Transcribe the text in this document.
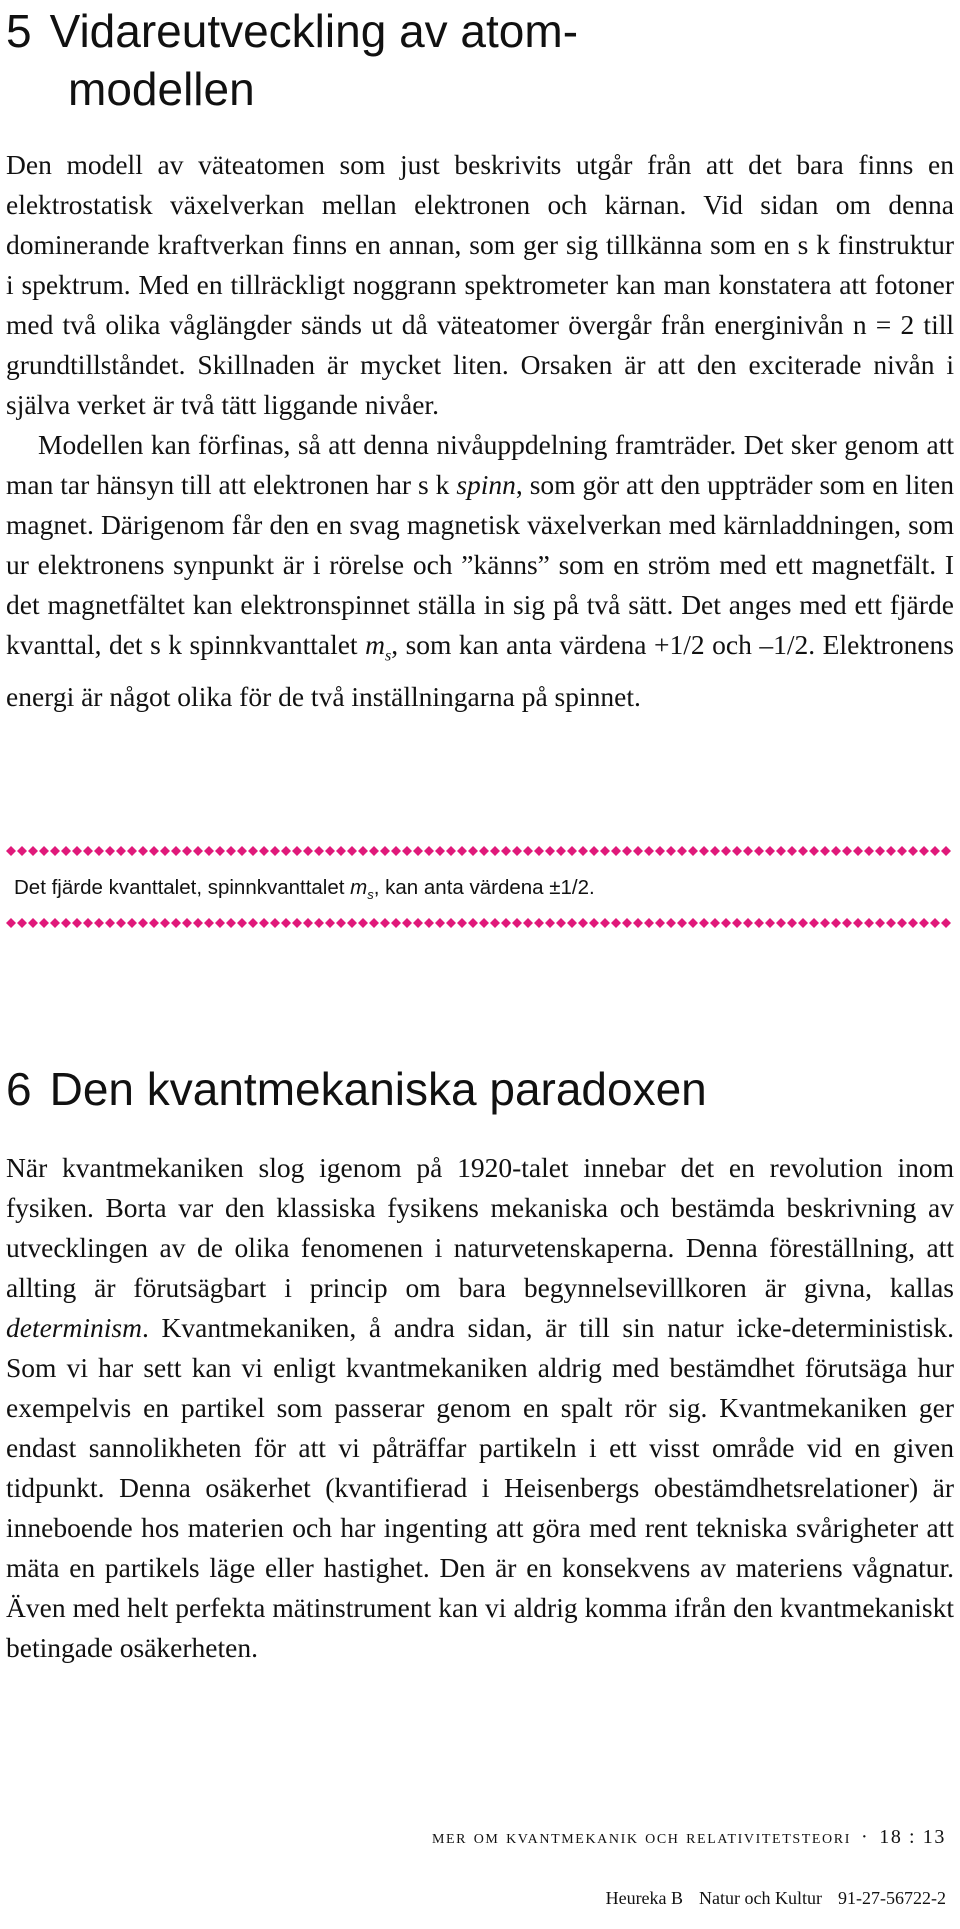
5 Vidareutveckling av atom-
modellen

Den modell av väteatomen som just beskrivits utgår från att det bara finns en elektrostatisk växelverkan mellan elektronen och kärnan. Vid sidan om denna dominerande kraftverkan finns en annan, som ger sig tillkänna som en s k finstruktur i spektrum. Med en tillräckligt noggrann spektrometer kan man konstatera att fotoner med två olika våglängder sänds ut då väteatomer övergår från energinivån n = 2 till grundtillståndet. Skillnaden är mycket liten. Orsaken är att den exciterade nivån i själva verket är två tätt liggande nivåer.

Modellen kan förfinas, så att denna nivåuppdelning framträder. Det sker genom att man tar hänsyn till att elektronen har s k spinn, som gör att den uppträder som en liten magnet. Därigenom får den en svag magnetisk växelverkan med kärnladdningen, som ur elektronens synpunkt är i rörelse och ”känns” som en ström med ett magnetfält. I det magnetfältet kan elektronspinnet ställa in sig på två sätt. Det anges med ett fjärde kvanttal, det s k spinnkvanttalet $m_s$, som kan anta värdena +1/2 och –1/2. Elektronens energi är något olika för de två inställningarna på spinnet.

Det fjärde kvanttalet, spinnkvanttalet $m_s$, kan anta värdena ±1/2.
6 Den kvantmekaniska paradoxen

När kvantmekaniken slog igenom på 1920-talet innebar det en revolution inom fysiken. Borta var den klassiska fysikens mekaniska och bestämda beskrivning av utvecklingen av de olika fenomenen i naturvetenskaperna. Denna föreställning, att allting är förutsägbart i princip om bara begynnelsevillkoren är givna, kallas determinism. Kvantmekaniken, å andra sidan, är till sin natur icke-deterministisk. Som vi har sett kan vi enligt kvantmekaniken aldrig med bestämdhet förutsäga hur exempelvis en partikel som passerar genom en spalt rör sig. Kvantmekaniken ger endast sannolikheten för att vi påträffar partikeln i ett visst område vid en given tidpunkt. Denna osäkerhet (kvantifierad i Heisenbergs obestämdhetsrelationer) är inneboende hos materien och har ingenting att göra med rent tekniska svårigheter att mäta en partikels läge eller hastighet. Den är en konsekvens av materiens vågnatur. Även med helt perfekta mätinstrument kan vi aldrig komma ifrån den kvantmekaniskt betingade osäkerheten.

mer om kvantmekanik och relativitetsteori · 18 : 13
Heureka B Natur och Kultur 91-27-56722-2
